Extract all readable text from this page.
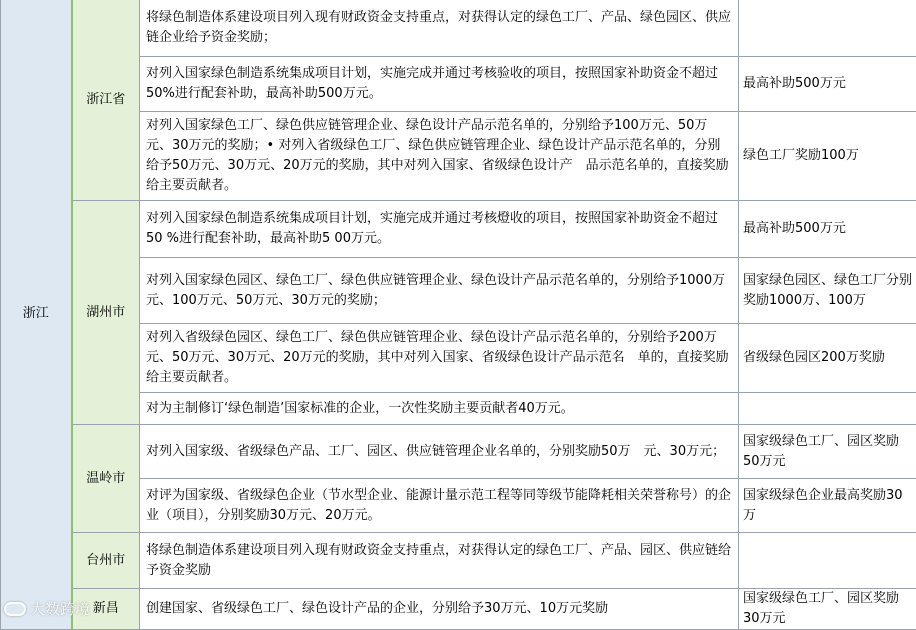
浙江	浙江省	将绿色制造体系建设项目列入现有财政资金支持重点，对获得认定的绿色工厂、产品、绿色园区、供应链企业给予资金奖励；	
		对列入国家绿色制造系统集成项目计划，实施完成并通过考核验收的项目，按照国家补助资金不超过50%进行配套补助，最高补助500万元。	最高补助500万元
		对列入国家绿色工厂、绿色供应链管理企业、绿色设计产品示范名单的，分别给予100万元、50万元、30万元的奖励；• 对列入省级绿色工厂、绿色供应链管理企业、绿色设计产品示范名单的，分别给予50万元、30万元、20万元的奖励，其中对列入国家、省级绿色设计产　品示范名单的，直接奖励给主要贡献者。	绿色工厂奖励100万
	湖州市	对列入国家绿色制造系统集成项目计划，实施完成并通过考核燈收的项目，按照国家补助资金不超过50 %进行配套补助，最高补助5 00万元。	最高补助500万元
		对列入国家绿色园区、绿色工厂、绿色供应链管理企业、绿色设计产品示范名单的，分别给予1000万元、100万元、50万元、30万元的奖励；	国家绿色园区、绿色工厂分别奖励1000万、100万
		对列入省级绿色园区、绿色工厂、绿色供应链管理企业、绿色设计产品示范名单的，分别给予200万元、50万元、30万元、20万元的奖励，其中对列入国家、省级绿色设计产品示范名　单的，直接奖励给主要贡献者。	省级绿色园区200万奖励
		对为主制修订‘绿色制造’国家标准的企业，一次性奖励主要贡献者40万元。	
	温岭市	对列入国家级、省级绿色产品、工厂、园区、供应链管理企业名单的，分别奖励50万　元、30万元；	国家级绿色工厂、园区奖励50万元
		对评为国家级、省级绿色企业（节水型企业、能源计量示范工程等同等级节能降耗相关荣誉称号）的企业（项目），分别奖励30万元、20万元。	国家级绿色企业最高奖励30万
	台州市	将绿色制造体系建设项目列入现有财政资金支持重点，对获得认定的绿色工厂、产品、园区、供应链给予资金奖励	
	新昌	创建国家、省级绿色工厂、绿色设计产品的企业，分别给予30万元、10万元奖励	国家级绿色工厂、园区奖励30万元
大数跨境
